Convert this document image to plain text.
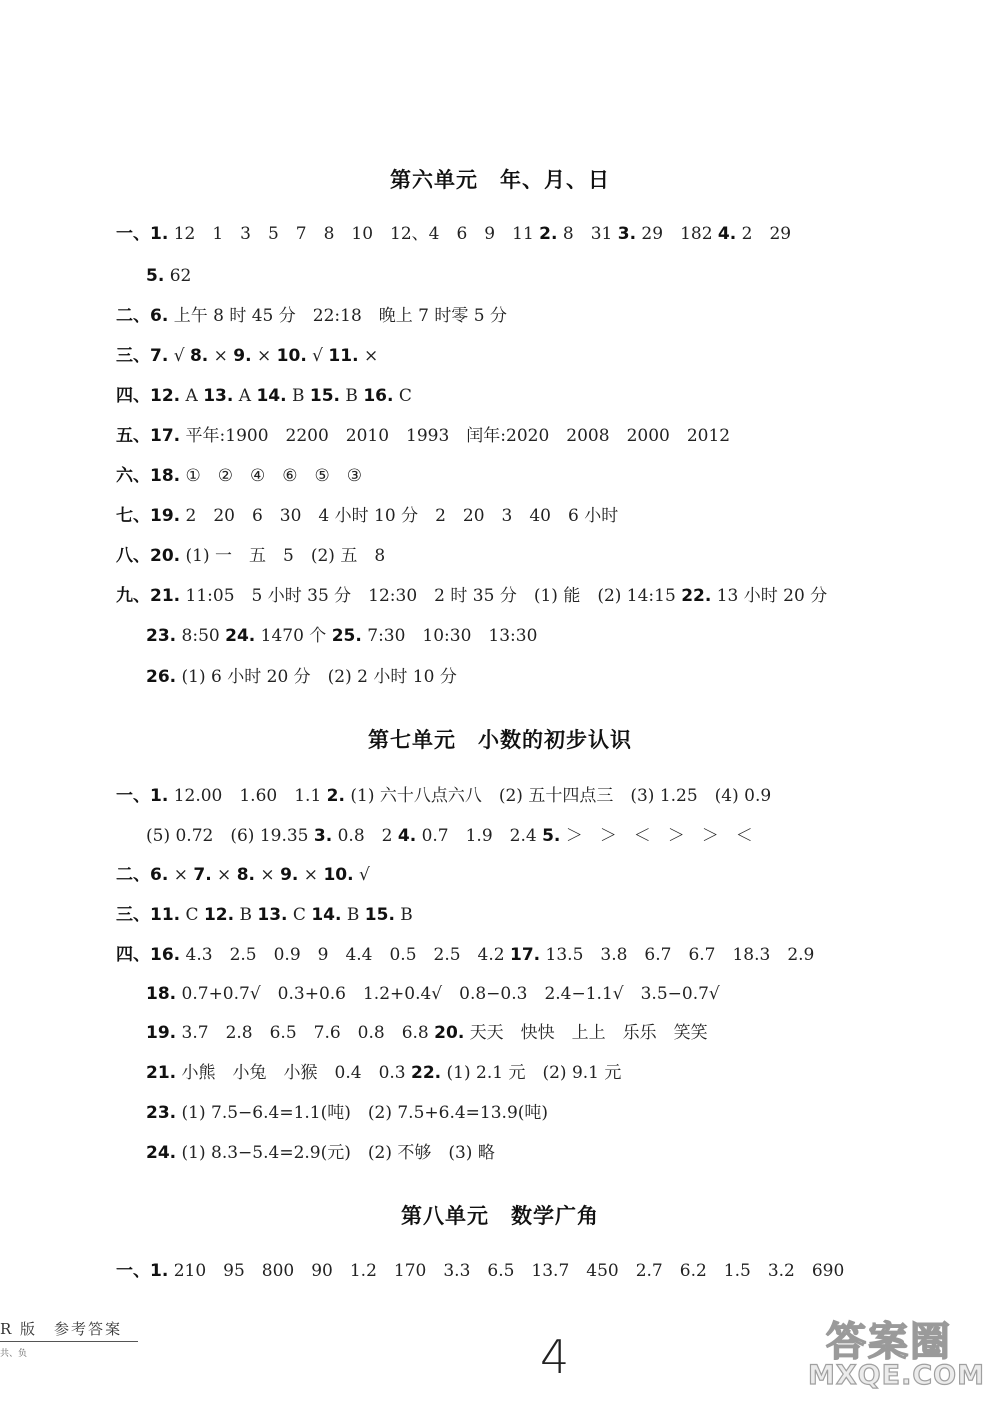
第六单元　年、月、日
一、1. 12　1　3　5　7　8　10　12、4　6　9　11 2. 8　31 3. 29　182 4. 2　29
5. 62
二、6. 上午 8 时 45 分　22:18　晚上 7 时零 5 分
三、7. √ 8. × 9. × 10. √ 11. ×
四、12. A 13. A 14. B 15. B 16. C
五、17. 平年:1900　2200　2010　1993　闰年:2020　2008　2000　2012
六、18. ①　②　④　⑥　⑤　③
七、19. 2　20　6　30　4 小时 10 分　2　20　3　40　6 小时
八、20. (1) 一　五　5　(2) 五　8
九、21. 11:05　5 小时 35 分　12:30　2 时 35 分　(1) 能　(2) 14:15 22. 13 小时 20 分
23. 8:50 24. 1470 个 25. 7:30　10:30　13:30
26. (1) 6 小时 20 分　(2) 2 小时 10 分
第七单元　小数的初步认识
一、1. 12.00　1.60　1.1 2. (1) 六十八点六八　(2) 五十四点三　(3) 1.25　(4) 0.9
(5) 0.72　(6) 19.35 3. 0.8　2 4. 0.7　1.9　2.4 5. ＞　＞　＜　＞　＞　＜
二、6. × 7. × 8. × 9. × 10. √
三、11. C 12. B 13. C 14. B 15. B
四、16. 4.3　2.5　0.9　9　4.4　0.5　2.5　4.2 17. 13.5　3.8　6.7　6.7　18.3　2.9
18. 0.7+0.7√　0.3+0.6　1.2+0.4√　0.8−0.3　2.4−1.1√　3.5−0.7√
19. 3.7　2.8　6.5　7.6　0.8　6.8 20. 天天　快快　上上　乐乐　笑笑
21. 小熊　小兔　小猴　0.4　0.3 22. (1) 2.1 元　(2) 9.1 元
23. (1) 7.5−6.4=1.1(吨)　(2) 7.5+6.4=13.9(吨)
24. (1) 8.3−5.4=2.9(元)　(2) 不够　(3) 略
第八单元　数学广角
一、1. 210　95　800　90　1.2　170　3.3　6.5　13.7　450　2.7　6.2　1.5　3.2　690
R 版　参考答案
共、负	4	答案圈
MXQE.COM
